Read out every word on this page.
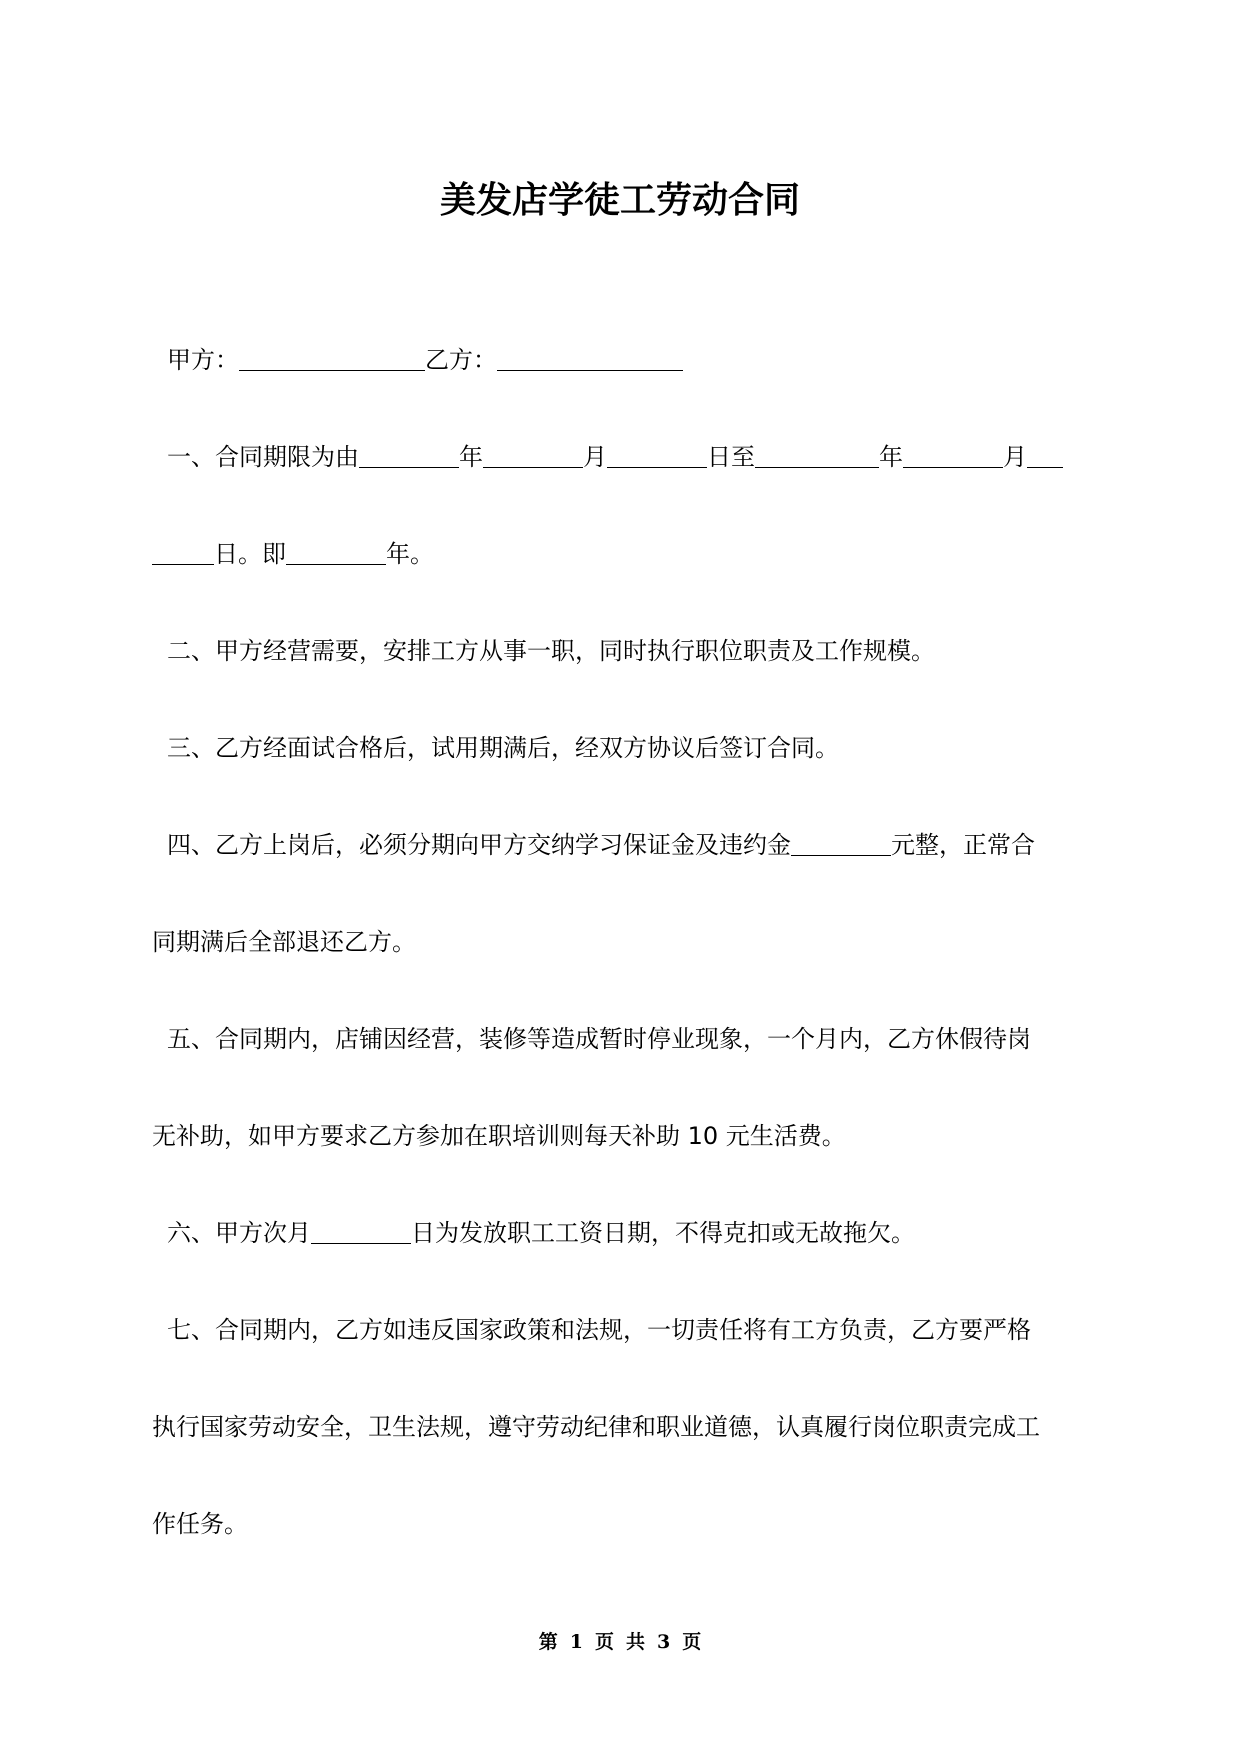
美发店学徒工劳动合同
甲方：	乙方：
一、合同期限为由	年	月	日至	年	月
日。即	年。
二、甲方经营需要，安排工方从事一职，同时执行职位职责及工作规模。
三、乙方经面试合格后，试用期满后，经双方协议后签订合同。
四、乙方上岗后，必须分期向甲方交纳学习保证金及违约金	元整，正常合
同期满后全部退还乙方。
五、合同期内，店铺因经营，装修等造成暂时停业现象，一个月内，乙方休假待岗
无补助，如甲方要求乙方参加在职培训则每天补助 10 元生活费。
六、甲方次月	日为发放职工工资日期，不得克扣或无故拖欠。
七、合同期内，乙方如违反国家政策和法规，一切责任将有工方负责，乙方要严格
执行国家劳动安全，卫生法规，遵守劳动纪律和职业道德，认真履行岗位职责完成工
作任务。
第 1 页 共 3 页
